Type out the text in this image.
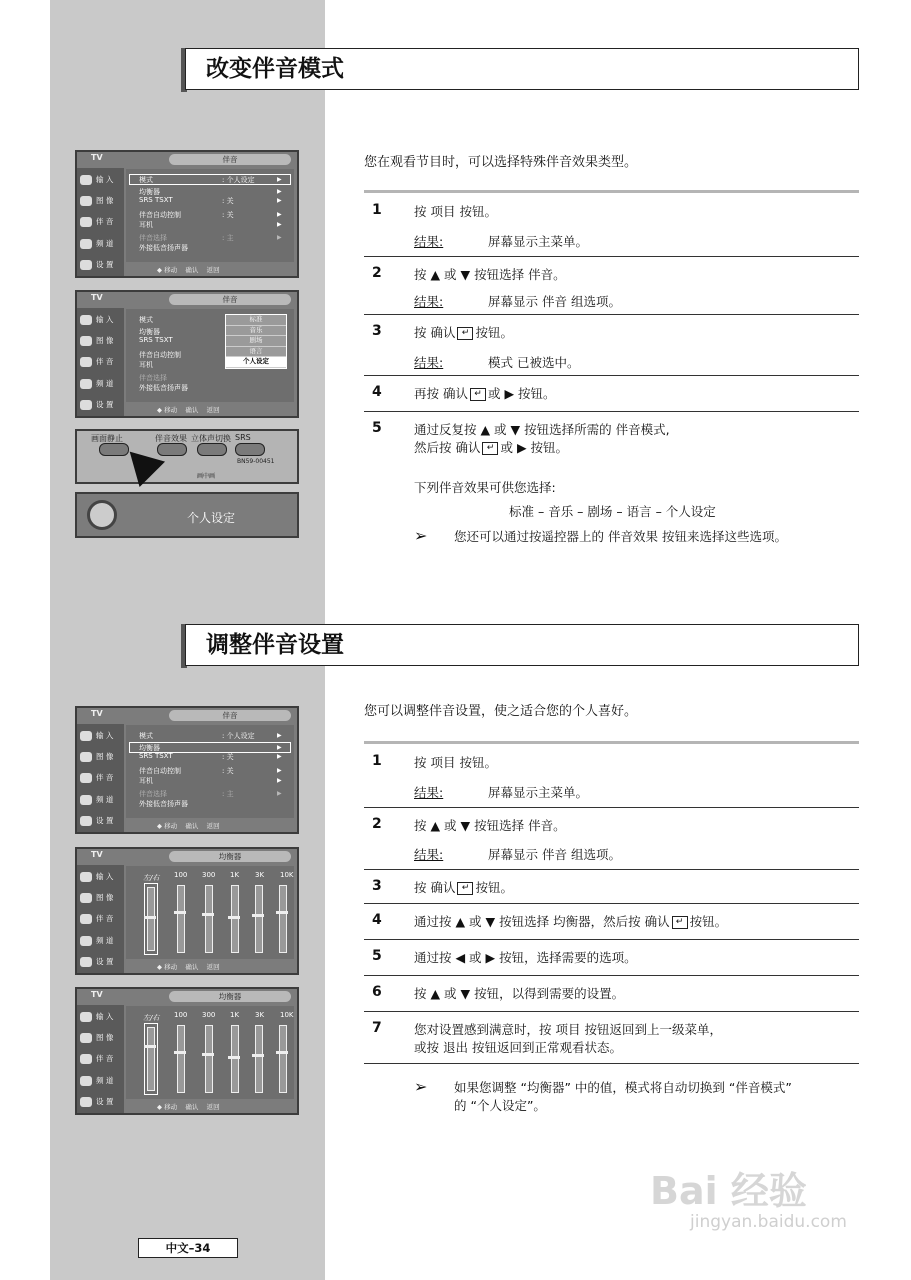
改变伴音模式
您在观看节目时，可以选择特殊伴音效果类型。
1	按 项目 按钮。
结果:	屏幕显示主菜单。
2	按 ▲ 或 ▼ 按钮选择 伴音。
结果:	屏幕显示 伴音 组选项。
3	按 确认 ↵ 按钮。
结果:	模式 已被选中。
4	再按 确认 ↵ 或 ▶ 按钮。
5	通过反复按 ▲ 或 ▼ 按钮选择所需的 伴音模式,
然后按 确认 ↵ 或 ▶ 按钮。
下列伴音效果可供您选择:
标准 – 音乐 – 剧场 – 语言 – 个人设定
➢ 您还可以通过按遥控器上的 伴音效果 按钮来选择这些选项。
TV	伴音
输 入
图 像
伴 音
频 道
设 置
模式	: 个人设定	▶
均衡器	▶
SRS TSXT	: 关	▶
伴音自动控制	: 关	▶
耳机	▶
伴音选择	: 主	▶
外接低音扬声器
◆ 移动 确认 返回
TV	伴音
输 入
图 像
伴 音
频 道
设 置
模式
均衡器
SRS TSXT
伴音自动控制
耳机
伴音选择
外接低音扬声器
标准
音乐
剧场
语言
个人设定
◆ 移动 确认 返回
画面静止	伴音效果 立体声切换 SRS
BN59-00451
画中画
个人设定
调整伴音设置
您可以调整伴音设置，使之适合您的个人喜好。
1	按 项目 按钮。
结果:	屏幕显示主菜单。
2	按 ▲ 或 ▼ 按钮选择 伴音。
结果:	屏幕显示 伴音 组选项。
3	按 确认 ↵ 按钮。
4	通过按 ▲ 或 ▼ 按钮选择 均衡器，然后按 确认 ↵ 按钮。
5	通过按 ◀ 或 ▶ 按钮，选择需要的选项。
6	按 ▲ 或 ▼ 按钮，以得到需要的设置。
7	您对设置感到满意时，按 项目 按钮返回到上一级菜单，
或按 退出 按钮返回到正常观看状态。
➢ 如果您调整 “均衡器” 中的值，模式将自动切换到 “伴音模式”
的 “个人设定”。
TV	伴音
输 入
图 像
伴 音
频 道
设 置
模式	: 个人设定	▶
均衡器	▶
SRS TSXT	: 关	▶
伴音自动控制	: 关	▶
耳机	▶
伴音选择	: 主	▶
外接低音扬声器
◆ 移动 确认 返回
TV	均衡器
输 入
图 像
伴 音
频 道
设 置
左/右 100 300 1K 3K 10K
◆ 移动 确认 返回
TV	均衡器
输 入
图 像
伴 音
频 道
设 置
左/右 100 300 1K 3K 10K
◆ 移动 确认 返回
中文–34
Bai 经验
jingyan.baidu.com
